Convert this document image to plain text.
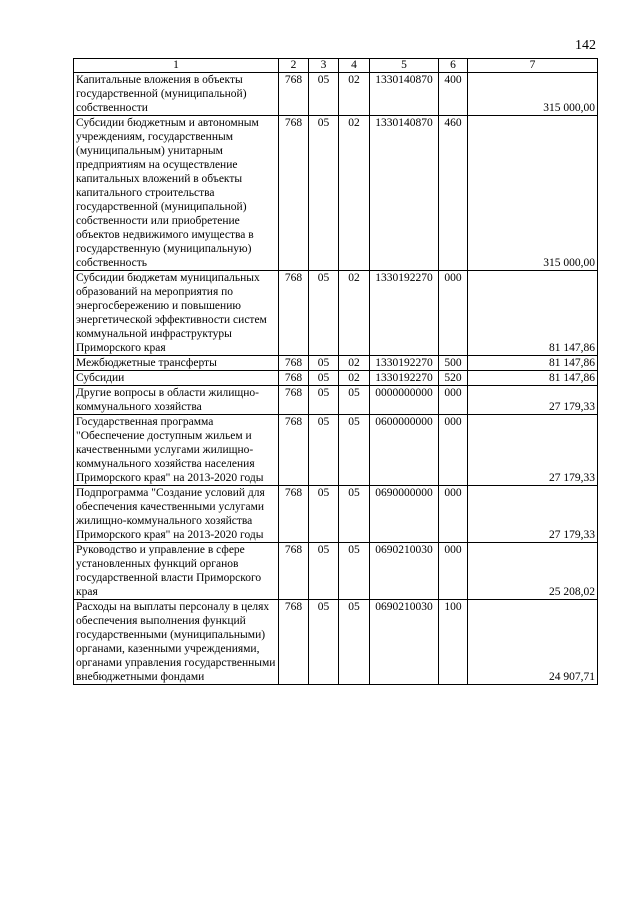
142
1	2	3	4	5	6	7
Капитальные вложения в объекты государственной (муниципальной) собственности	768	05	02	1330140870	400	315 000,00
Субсидии бюджетным и автономным учреждениям, государственным (муниципальным) унитарным предприятиям на осуществление капитальных вложений в объекты капитального строительства государственной (муниципальной) собственности или приобретение объектов недвижимого имущества в государственную (муниципальную) собственность	768	05	02	1330140870	460	315 000,00
Субсидии бюджетам муниципальных образований на мероприятия по энергосбережению и повышению энергетической эффективности систем коммунальной инфраструктуры Приморского края	768	05	02	1330192270	000	81 147,86
Межбюджетные трансферты	768	05	02	1330192270	500	81 147,86
Субсидии	768	05	02	1330192270	520	81 147,86
Другие вопросы в области жилищно-коммунального хозяйства	768	05	05	0000000000	000	27 179,33
Государственная программа "Обеспечение доступным жильем и качественными услугами жилищно-коммунального хозяйства населения Приморского края" на 2013-2020 годы	768	05	05	0600000000	000	27 179,33
Подпрограмма "Создание условий для обеспечения качественными услугами жилищно-коммунального хозяйства Приморского края" на 2013-2020 годы	768	05	05	0690000000	000	27 179,33
Руководство и управление в сфере установленных функций органов государственной власти Приморского края	768	05	05	0690210030	000	25 208,02
Расходы на выплаты персоналу в целях обеспечения выполнения функций государственными (муниципальными) органами, казенными учреждениями, органами управления государственными внебюджетными фондами	768	05	05	0690210030	100	24 907,71
